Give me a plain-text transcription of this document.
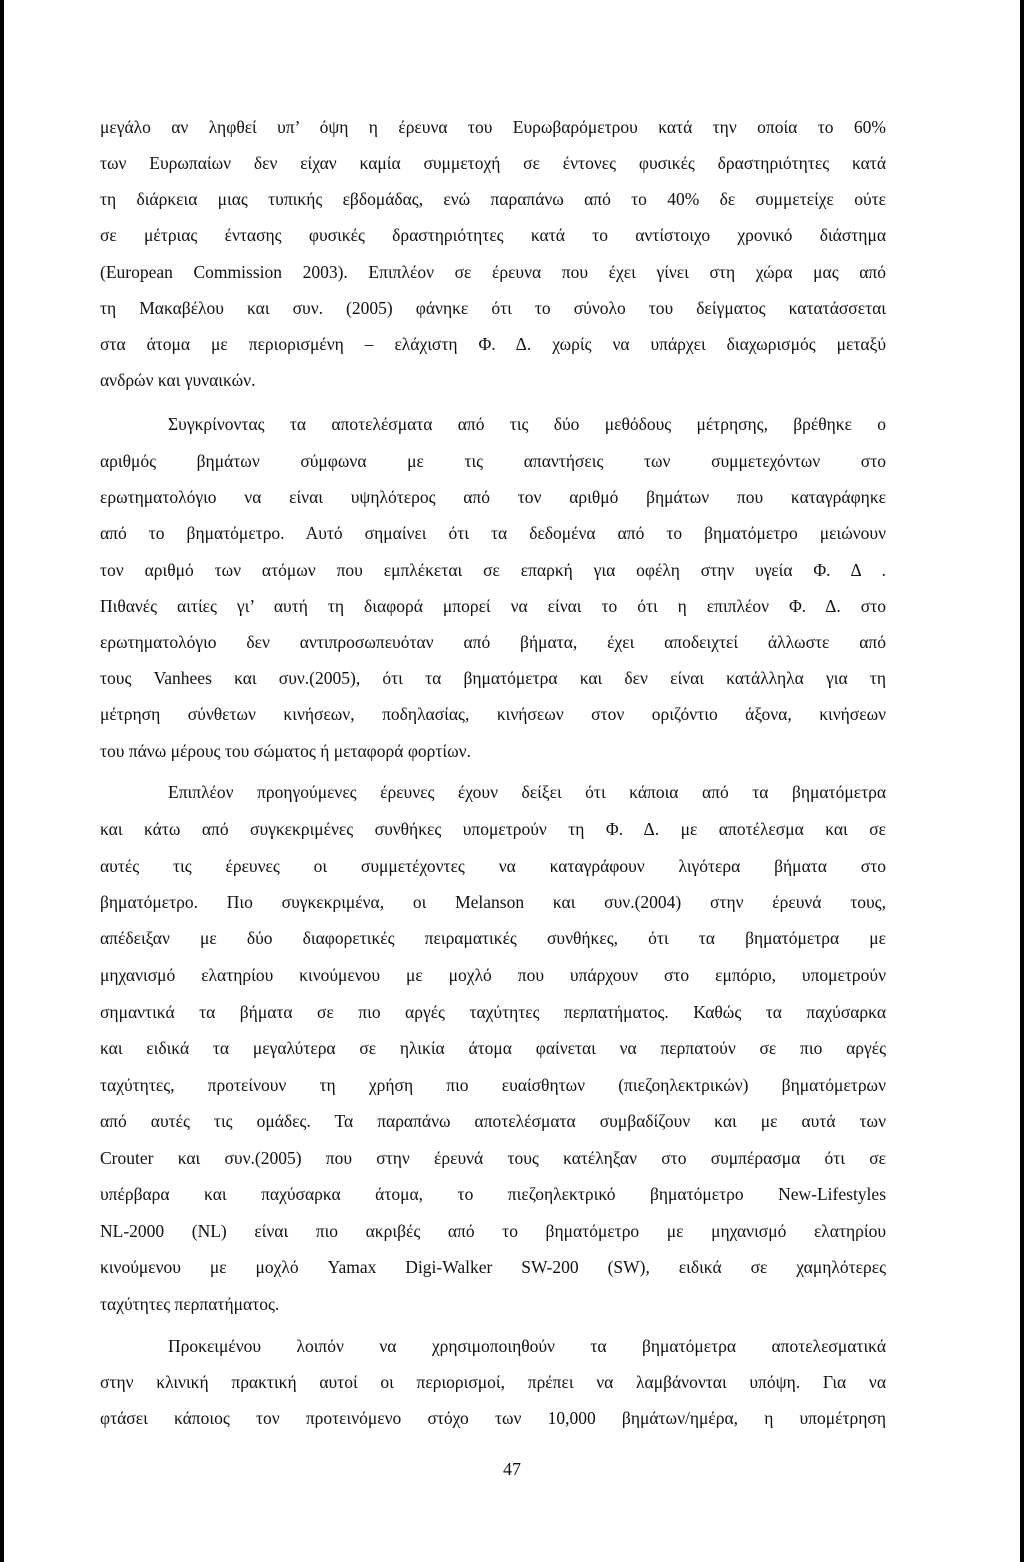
μεγάλο αν ληφθεί υπ’ όψη η έρευνα του Ευρωβαρόμετρου κατά την οποία το 60%
των Ευρωπαίων δεν είχαν καμία συμμετοχή σε έντονες φυσικές δραστηριότητες κατά
τη διάρκεια μιας τυπικής εβδομάδας, ενώ παραπάνω από το 40% δε συμμετείχε ούτε
σε μέτριας έντασης φυσικές δραστηριότητες κατά το αντίστοιχο χρονικό διάστημα
(European Commission 2003). Επιπλέον σε έρευνα που έχει γίνει στη χώρα μας από
τη Μακαβέλου και συν. (2005) φάνηκε ότι το σύνολο του δείγματος κατατάσσεται
στα άτομα με περιορισμένη – ελάχιστη Φ. Δ. χωρίς να υπάρχει διαχωρισμός μεταξύ
ανδρών και γυναικών.
Συγκρίνοντας τα αποτελέσματα από τις δύο μεθόδους μέτρησης, βρέθηκε ο
αριθμός βημάτων σύμφωνα με τις απαντήσεις των συμμετεχόντων στο
ερωτηματολόγιο να είναι υψηλότερος από τον αριθμό βημάτων που καταγράφηκε
από το βηματόμετρο. Αυτό σημαίνει ότι τα δεδομένα από το βηματόμετρο μειώνουν
τον αριθμό των ατόμων που εμπλέκεται σε επαρκή για οφέλη στην υγεία Φ. Δ .
Πιθανές αιτίες γι’ αυτή τη διαφορά μπορεί να είναι το ότι η επιπλέον Φ. Δ. στο
ερωτηματολόγιο δεν αντιπροσωπευόταν από βήματα, έχει αποδειχτεί άλλωστε από
τους Vanhees και συν.(2005), ότι τα βηματόμετρα και δεν είναι κατάλληλα για τη
μέτρηση σύνθετων κινήσεων, ποδηλασίας, κινήσεων στον οριζόντιο άξονα, κινήσεων
του πάνω μέρους του σώματος ή μεταφορά φορτίων.
Επιπλέον προηγούμενες έρευνες έχουν δείξει ότι κάποια από τα βηματόμετρα
και κάτω από συγκεκριμένες συνθήκες υπομετρούν τη Φ. Δ. με αποτέλεσμα και σε
αυτές τις έρευνες οι συμμετέχοντες να καταγράφουν λιγότερα βήματα στο
βηματόμετρο. Πιο συγκεκριμένα, οι Melanson και συν.(2004) στην έρευνά τους,
απέδειξαν με δύο διαφορετικές πειραματικές συνθήκες, ότι τα βηματόμετρα με
μηχανισμό ελατηρίου κινούμενου με μοχλό που υπάρχουν στο εμπόριο, υπομετρούν
σημαντικά τα βήματα σε πιο αργές ταχύτητες περπατήματος. Καθώς τα παχύσαρκα
και ειδικά τα μεγαλύτερα σε ηλικία άτομα φαίνεται να περπατούν σε πιο αργές
ταχύτητες, προτείνουν τη χρήση πιο ευαίσθητων (πιεζοηλεκτρικών) βηματόμετρων
από αυτές τις ομάδες. Τα παραπάνω αποτελέσματα συμβαδίζουν και με αυτά των
Crouter και συν.(2005) που στην έρευνά τους κατέληξαν στο συμπέρασμα ότι σε
υπέρβαρα και παχύσαρκα άτομα, το πιεζοηλεκτρικό βηματόμετρο New-Lifestyles
NL-2000 (NL) είναι πιο ακριβές από το βηματόμετρο με μηχανισμό ελατηρίου
κινούμενου με μοχλό Yamax Digi-Walker SW-200 (SW), ειδικά σε χαμηλότερες
ταχύτητες περπατήματος.
Προκειμένου λοιπόν να χρησιμοποιηθούν τα βηματόμετρα αποτελεσματικά
στην κλινική πρακτική αυτοί οι περιορισμοί, πρέπει να λαμβάνονται υπόψη. Για να
φτάσει κάποιος τον προτεινόμενο στόχο των 10,000 βημάτων/ημέρα, η υπομέτρηση
47
